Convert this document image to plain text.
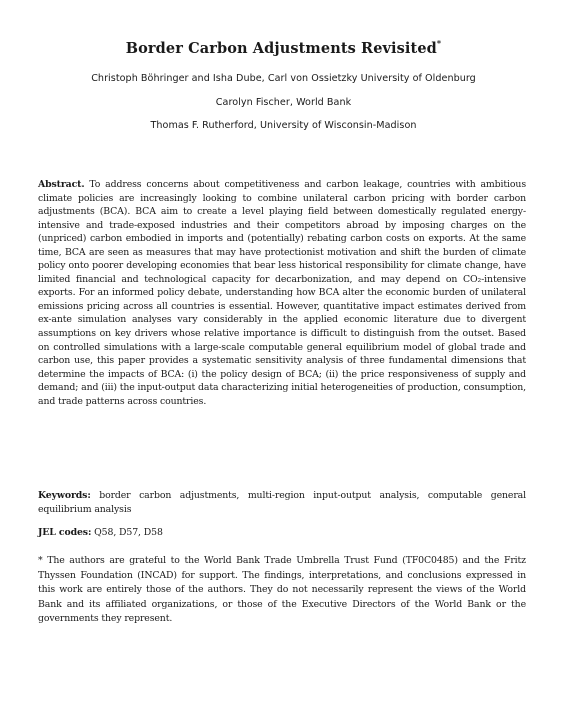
Border Carbon Adjustments Revisited*
Christoph Böhringer and Isha Dube, Carl von Ossietzky University of Oldenburg
Carolyn Fischer, World Bank
Thomas F. Rutherford, University of Wisconsin-Madison
Abstract. To address concerns about competitiveness and carbon leakage, countries with ambitious climate policies are increasingly looking to combine unilateral carbon pricing with border carbon adjustments (BCA). BCA aim to create a level playing field between domestically regulated energy-intensive and trade-exposed industries and their competitors abroad by imposing charges on the (unpriced) carbon embodied in imports and (potentially) rebating carbon costs on exports. At the same time, BCA are seen as measures that may have protectionist motivation and shift the burden of climate policy onto poorer developing economies that bear less historical responsibility for climate change, have limited financial and technological capacity for decarbonization, and may depend on CO₂-intensive exports. For an informed policy debate, understanding how BCA alter the economic burden of unilateral emissions pricing across all countries is essential. However, quantitative impact estimates derived from ex-ante simulation analyses vary considerably in the applied economic literature due to divergent assumptions on key drivers whose relative importance is difficult to distinguish from the outset. Based on controlled simulations with a large-scale computable general equilibrium model of global trade and carbon use, this paper provides a systematic sensitivity analysis of three fundamental dimensions that determine the impacts of BCA: (i) the policy design of BCA; (ii) the price responsiveness of supply and demand; and (iii) the input-output data characterizing initial heterogeneities of production, consumption, and trade patterns across countries.
Keywords: border carbon adjustments, multi-region input-output analysis, computable general equilibrium analysis
JEL codes: Q58, D57, D58
* The authors are grateful to the World Bank Trade Umbrella Trust Fund (TF0C0485) and the Fritz Thyssen Foundation (INCAD) for support. The findings, interpretations, and conclusions expressed in this work are entirely those of the authors. They do not necessarily represent the views of the World Bank and its affiliated organizations, or those of the Executive Directors of the World Bank or the governments they represent.
